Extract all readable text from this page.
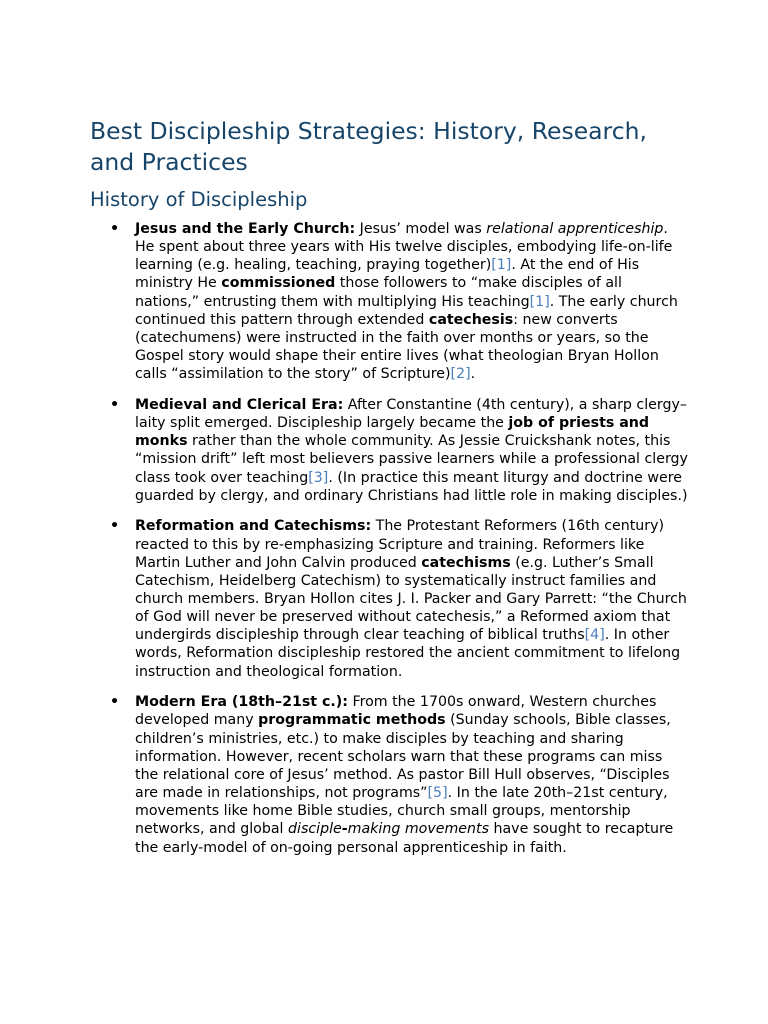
Best Discipleship Strategies: History, Research, and Practices
History of Discipleship
• Jesus and the Early Church: Jesus’ model was relational apprenticeship. He spent about three years with His twelve disciples, embodying life-on-life learning (e.g. healing, teaching, praying together)[1]. At the end of His ministry He commissioned those followers to “make disciples of all nations,” entrusting them with multiplying His teaching[1]. The early church continued this pattern through extended catechesis: new converts (catechumens) were instructed in the faith over months or years, so the Gospel story would shape their entire lives (what theologian Bryan Hollon calls “assimilation to the story” of Scripture)[2].
• Medieval and Clerical Era: After Constantine (4th century), a sharp clergy–laity split emerged. Discipleship largely became the job of priests and monks rather than the whole community. As Jessie Cruickshank notes, this “mission drift” left most believers passive learners while a professional clergy class took over teaching[3]. (In practice this meant liturgy and doctrine were guarded by clergy, and ordinary Christians had little role in making disciples.)
• Reformation and Catechisms: The Protestant Reformers (16th century) reacted to this by re-emphasizing Scripture and training. Reformers like Martin Luther and John Calvin produced catechisms (e.g. Luther’s Small Catechism, Heidelberg Catechism) to systematically instruct families and church members. Bryan Hollon cites J. I. Packer and Gary Parrett: “the Church of God will never be preserved without catechesis,” a Reformed axiom that undergirds discipleship through clear teaching of biblical truths[4]. In other words, Reformation discipleship restored the ancient commitment to lifelong instruction and theological formation.
• Modern Era (18th–21st c.): From the 1700s onward, Western churches developed many programmatic methods (Sunday schools, Bible classes, children’s ministries, etc.) to make disciples by teaching and sharing information. However, recent scholars warn that these programs can miss the relational core of Jesus’ method. As pastor Bill Hull observes, “Disciples are made in relationships, not programs”[5]. In the late 20th–21st century, movements like home Bible studies, church small groups, mentorship networks, and global disciple-making movements have sought to recapture the early-model of on-going personal apprenticeship in faith.
